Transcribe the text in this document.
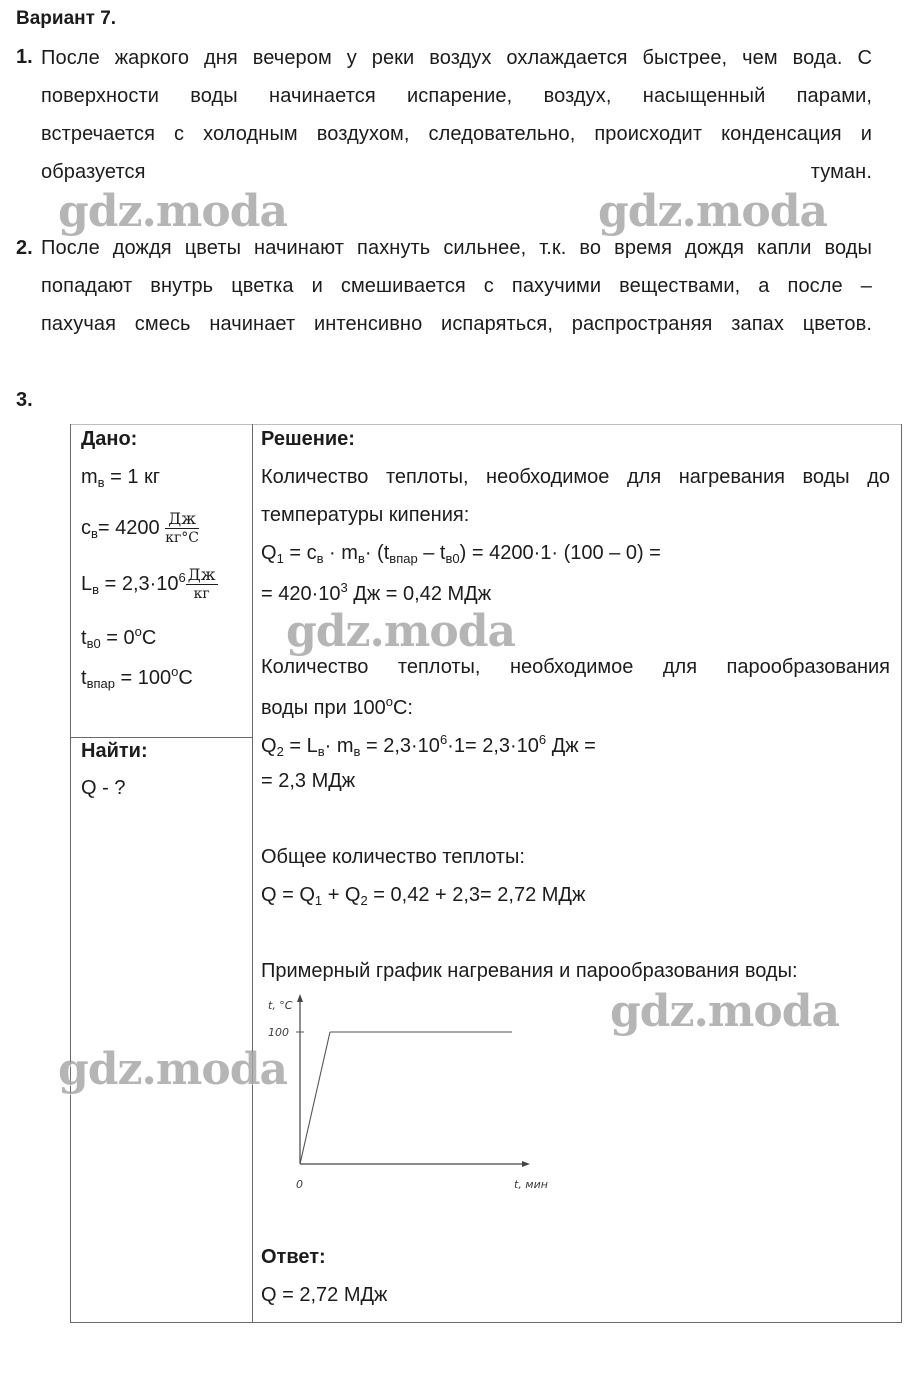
Вариант 7.
1. После жаркого дня вечером у реки воздух охлаждается быстрее, чем вода. С
поверхности воды начинается испарение, воздух, насыщенный парами,
встречается с холодным воздухом, следовательно, происходит конденсация и
образуется	туман.
2. После дождя цветы начинают пахнуть сильнее, т.к. во время дождя капли воды
попадают внутрь цветка и смешивается с пахучими веществами, а после –
пахучая смесь начинает интенсивно испаряться, распространяя запах цветов.
3.
Дано:
$m_в = 1$ кг
$c_в= 4200 \frac{Дж}{кг^\circ C}$
$L_в = 2,3\cdot 10^6 \frac{Дж}{кг}$
$t_{в0} = 0^oC$
$t_{впар} = 100^oC$
Найти:
Q - ?
Решение:
Количество теплоты, необходимое для нагревания воды до
температуры кипения:
$Q_1 = c_в \cdot m_в\cdot (t_{впар} - t_{в0}) = 4200\cdot 1\cdot (100 - 0)$ =
= $420\cdot 10^3$ Дж = 0,42 МДж
Количество теплоты, необходимое для парообразования
воды при 100$^o$C:
$Q_2 = L_в\cdot m_в = 2,3\cdot 10^6\cdot 1= 2,3\cdot 10^6$ Дж =
= 2,3 МДж
Общее количество теплоты:
$Q = Q_1 + Q_2 = 0,42 + 2,3= 2,72$ МДж
Примерный график нагревания и парообразования воды:
Ответ:
Q = 2,72 МДж
t, °С
100
0	t, мин
gdz.moda	gdz.moda
gdz.moda
gdz.moda
gdz.moda
